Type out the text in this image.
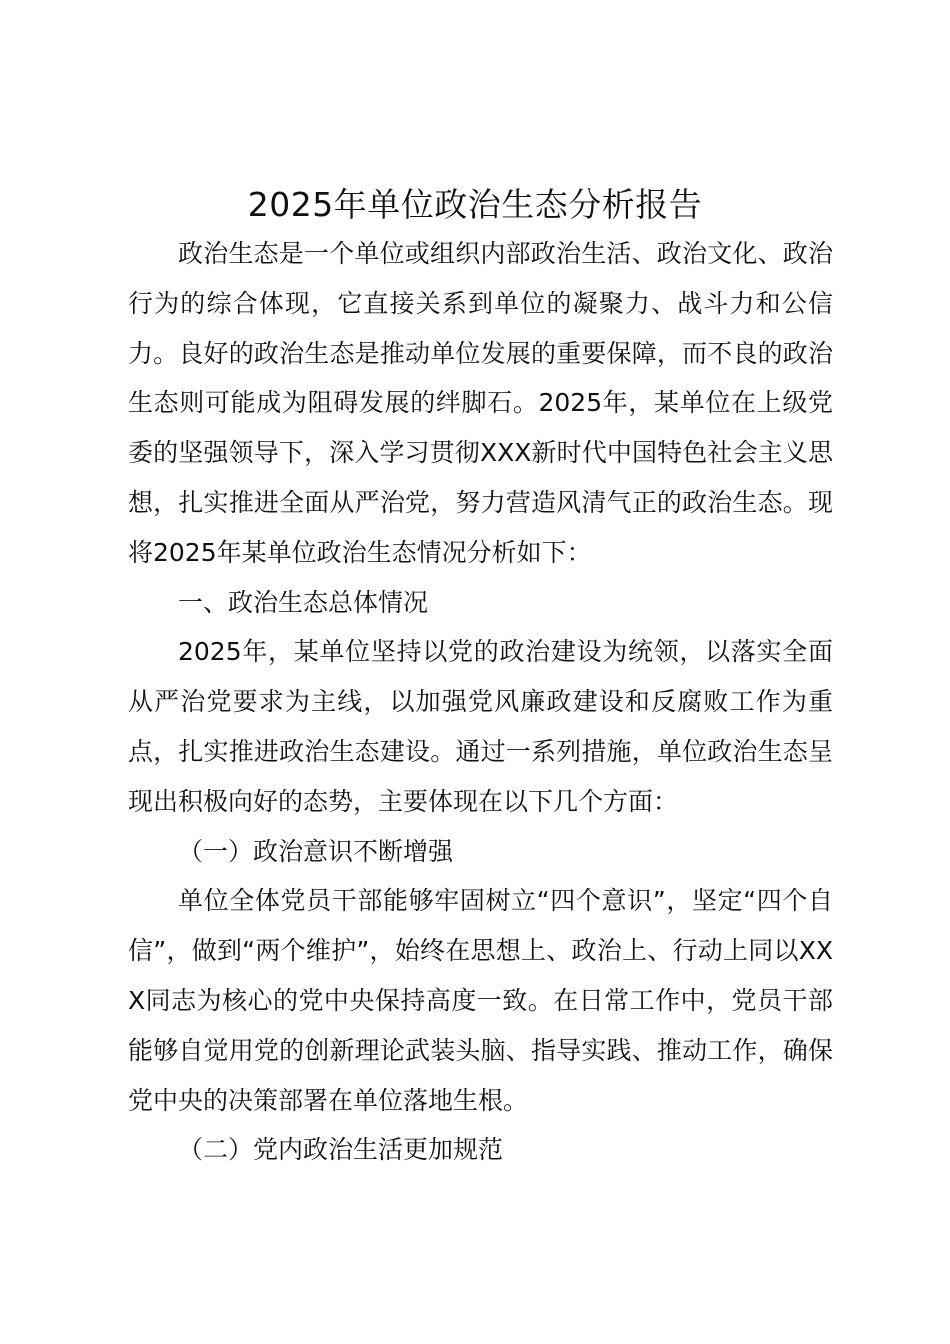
2025年单位政治生态分析报告

政治生态是一个单位或组织内部政治生活、政治文化、政治行为的综合体现，它直接关系到单位的凝聚力、战斗力和公信力。良好的政治生态是推动单位发展的重要保障，而不良的政治生态则可能成为阻碍发展的绊脚石。2025年，某单位在上级党委的坚强领导下，深入学习贯彻XXX新时代中国特色社会主义思想，扎实推进全面从严治党，努力营造风清气正的政治生态。现将2025年某单位政治生态情况分析如下：

一、政治生态总体情况

2025年，某单位坚持以党的政治建设为统领，以落实全面从严治党要求为主线，以加强党风廉政建设和反腐败工作为重点，扎实推进政治生态建设。通过一系列措施，单位政治生态呈现出积极向好的态势，主要体现在以下几个方面：

（一）政治意识不断增强

单位全体党员干部能够牢固树立“四个意识”，坚定“四个自信”，做到“两个维护”，始终在思想上、政治上、行动上同以XXX同志为核心的党中央保持高度一致。在日常工作中，党员干部能够自觉用党的创新理论武装头脑、指导实践、推动工作，确保党中央的决策部署在单位落地生根。

（二）党内政治生活更加规范
